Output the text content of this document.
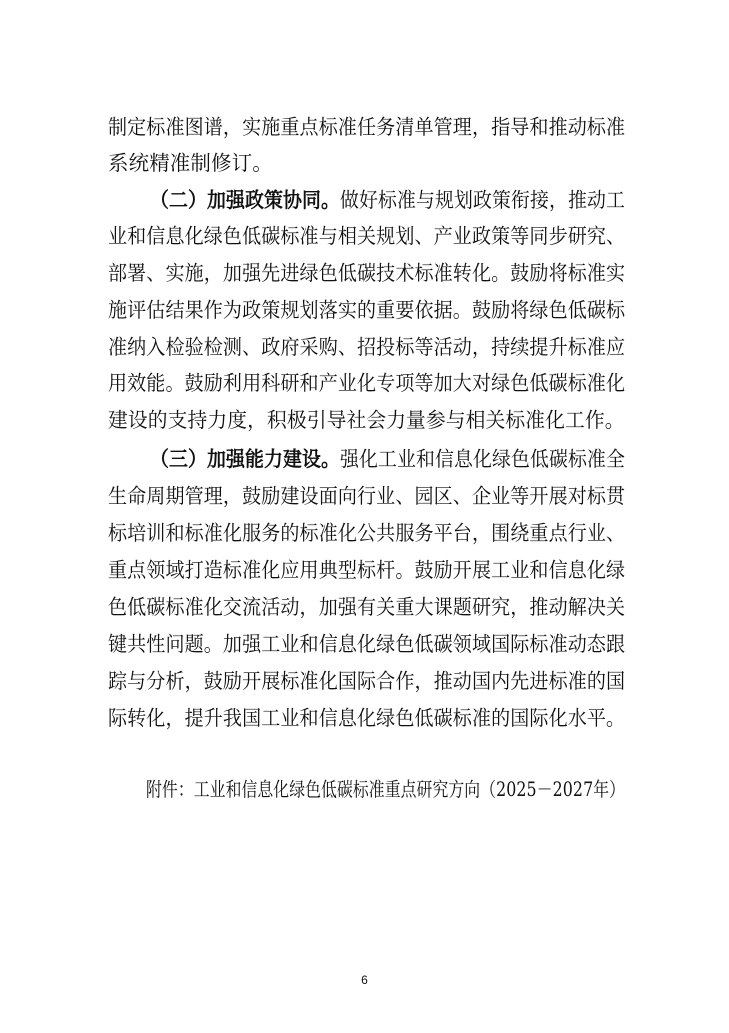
制定标准图谱，实施重点标准任务清单管理，指导和推动标准
系统精准制修订。
（二）加强政策协同。做好标准与规划政策衔接，推动工
业和信息化绿色低碳标准与相关规划、产业政策等同步研究、
部署、实施，加强先进绿色低碳技术标准转化。鼓励将标准实
施评估结果作为政策规划落实的重要依据。鼓励将绿色低碳标
准纳入检验检测、政府采购、招投标等活动，持续提升标准应
用效能。鼓励利用科研和产业化专项等加大对绿色低碳标准化
建设的支持力度，积极引导社会力量参与相关标准化工作。
（三）加强能力建设。强化工业和信息化绿色低碳标准全
生命周期管理，鼓励建设面向行业、园区、企业等开展对标贯
标培训和标准化服务的标准化公共服务平台，围绕重点行业、
重点领域打造标准化应用典型标杆。鼓励开展工业和信息化绿
色低碳标准化交流活动，加强有关重大课题研究，推动解决关
键共性问题。加强工业和信息化绿色低碳领域国际标准动态跟
踪与分析，鼓励开展标准化国际合作，推动国内先进标准的国
际转化，提升我国工业和信息化绿色低碳标准的国际化水平。
附件：工业和信息化绿色低碳标准重点研究方向（2025－2027年）
6
